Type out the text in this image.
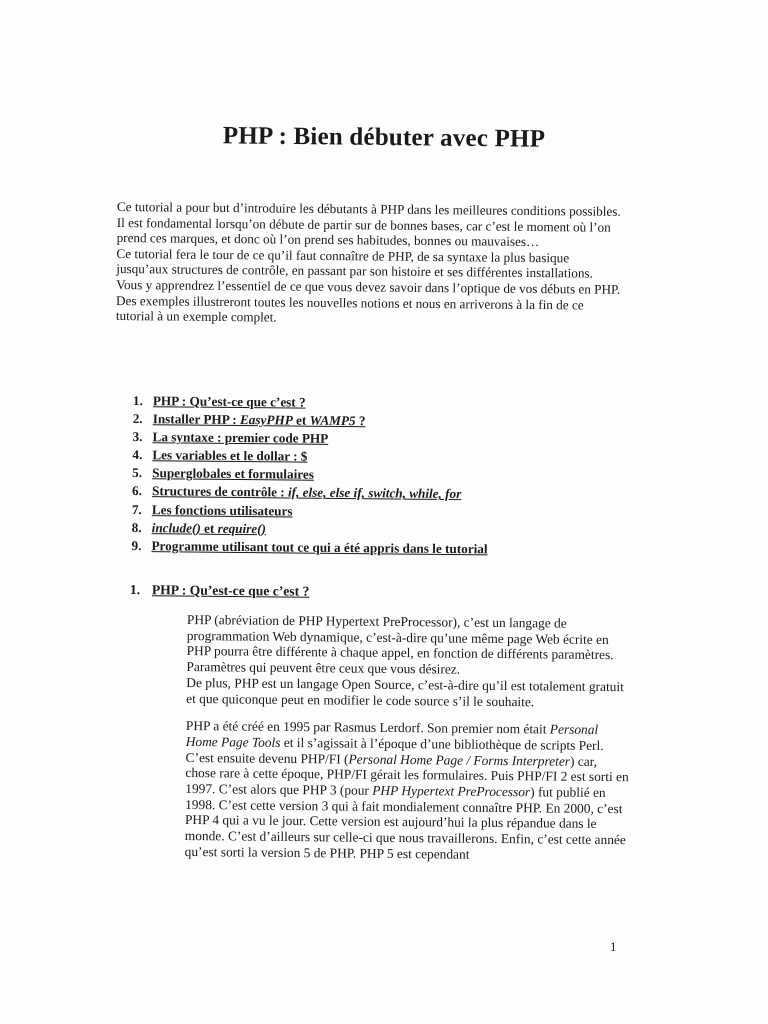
PHP : Bien débuter avec PHP

Ce tutorial a pour but d’introduire les débutants à PHP dans les meilleures conditions possibles. Il est fondamental lorsqu’on débute de partir sur de bonnes bases, car c’est le moment où l’on prend ces marques, et donc où l’on prend ses habitudes, bonnes ou mauvaises…

Ce tutorial fera le tour de ce qu’il faut connaître de PHP, de sa syntaxe la plus basique jusqu’aux structures de contrôle, en passant par son histoire et ses différentes installations. Vous y apprendrez l’essentiel de ce que vous devez savoir dans l’optique de vos débuts en PHP.

Des exemples illustreront toutes les nouvelles notions et nous en arriverons à la fin de ce tutorial à un exemple complet.

1. PHP : Qu’est-ce que c’est ?
2. Installer PHP : EasyPHP et WAMP5 ?
3. La syntaxe : premier code PHP
4. Les variables et le dollar : $
5. Superglobales et formulaires
6. Structures de contrôle : if, else, else if, switch, while, for
7. Les fonctions utilisateurs
8. include() et require()
9. Programme utilisant tout ce qui a été appris dans le tutorial
1. PHP : Qu’est-ce que c’est ?

PHP (abréviation de PHP Hypertext PreProcessor), c’est un langage de programmation Web dynamique, c’est-à-dire qu’une même page Web écrite en PHP pourra être différente à chaque appel, en fonction de différents paramètres. Paramètres qui peuvent être ceux que vous désirez.

De plus, PHP est un langage Open Source, c’est-à-dire qu’il est totalement gratuit et que quiconque peut en modifier le code source s’il le souhaite.

PHP a été créé en 1995 par Rasmus Lerdorf. Son premier nom était Personal Home Page Tools et il s’agissait à l’époque d’une bibliothèque de scripts Perl. C’est ensuite devenu PHP/FI (Personal Home Page / Forms Interpreter) car, chose rare à cette époque, PHP/FI gérait les formulaires. Puis PHP/FI 2 est sorti en 1997. C’est alors que PHP 3 (pour PHP Hypertext PreProcessor) fut publié en 1998. C’est cette version 3 qui à fait mondialement connaître PHP. En 2000, c’est PHP 4 qui a vu le jour. Cette version est aujourd’hui la plus répandue dans le monde. C’est d’ailleurs sur celle-ci que nous travaillerons. Enfin, c’est cette année qu’est sorti la version 5 de PHP. PHP 5 est cependant

1
